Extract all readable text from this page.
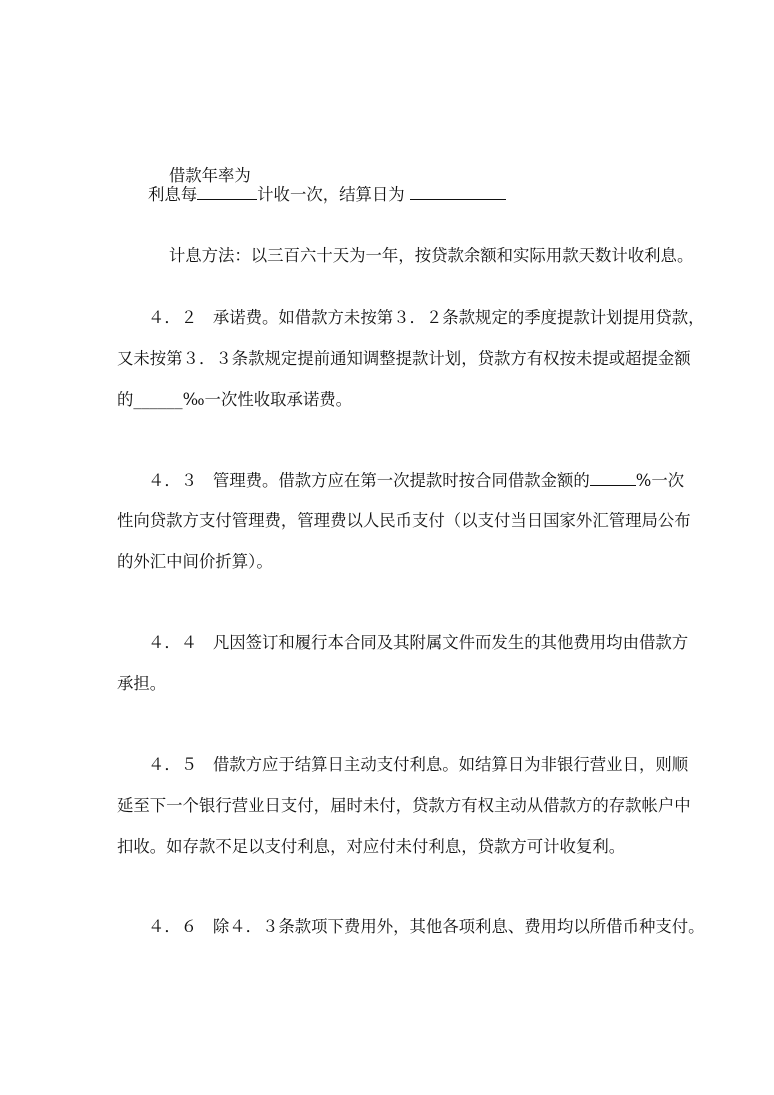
借款年率为

利息每	计收一次，结算日为

计息方法：以三百六十天为一年，按贷款余额和实际用款天数计收利息。

４．２ 承诺费。如借款方未按第３．２条款规定的季度提款计划提用贷款，
又未按第３．３条款规定提前通知调整提款计划，贷款方有权按未提或超提金额
的______‰一次性收取承诺费。
４．３ 管理费。借款方应在第一次提款时按合同借款金额的	%一次
性向贷款方支付管理费，管理费以人民币支付（以支付当日国家外汇管理局公布
的外汇中间价折算）。
４．４ 凡因签订和履行本合同及其附属文件而发生的其他费用均由借款方
承担。
４．５ 借款方应于结算日主动支付利息。如结算日为非银行营业日，则顺
延至下一个银行营业日支付，届时未付，贷款方有权主动从借款方的存款帐户中
扣收。如存款不足以支付利息，对应付未付利息，贷款方可计收复利。
４．６ 除４．３条款项下费用外，其他各项利息、费用均以所借币种支付。
